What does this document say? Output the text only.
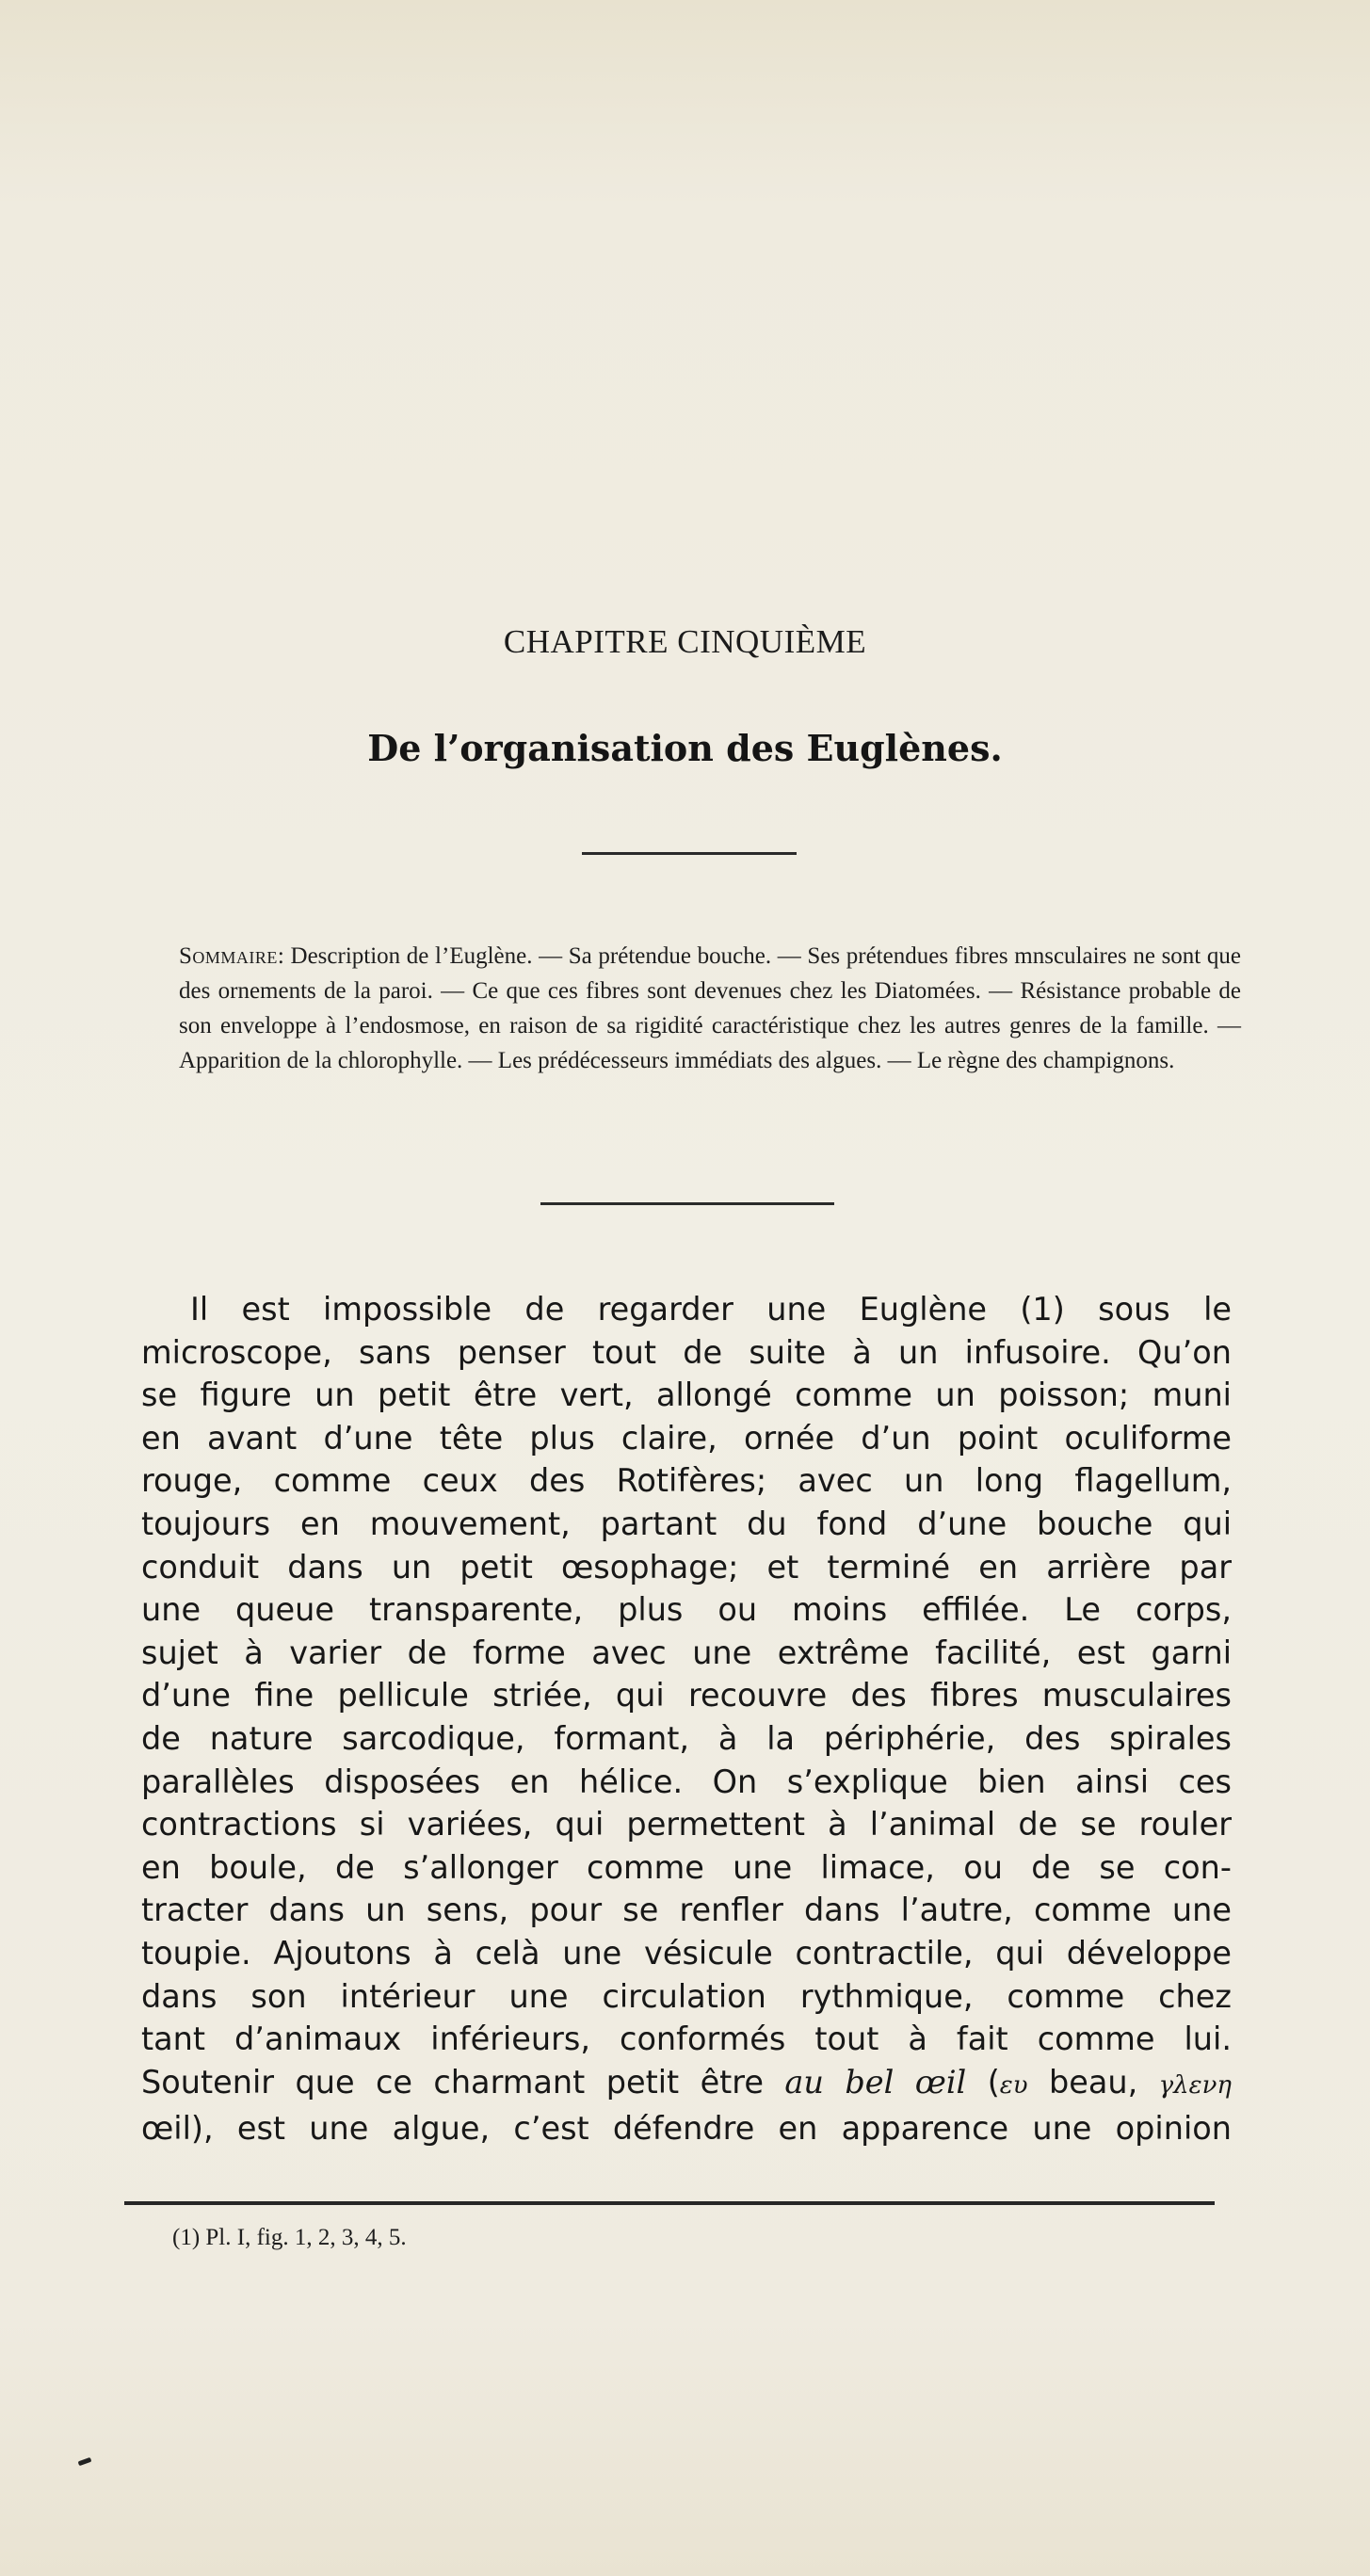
CHAPITRE CINQUIÈME
De l’organisation des Euglènes.
Sommaire: Description de l’Euglène. — Sa prétendue bouche. — Ses prétendues fibres mnsculaires ne sont que des ornements de la paroi. — Ce que ces fibres sont devenues chez les Diatomées. — Résistance probable de son enveloppe à l’endosmose, en raison de sa rigidité caractéristique chez les autres genres de la famille. — Apparition de la chlorophylle. — Les prédécesseurs immédiats des algues. — Le règne des champignons.
Il est impossible de regarder une Euglène (1) sous le
microscope, sans penser tout de suite à un infusoire. Qu’on
se figure un petit être vert, allongé comme un poisson; muni
en avant d’une tête plus claire, ornée d’un point oculiforme
rouge, comme ceux des Rotifères; avec un long flagellum,
toujours en mouvement, partant du fond d’une bouche qui
conduit dans un petit œsophage; et terminé en arrière par
une queue transparente, plus ou moins effilée. Le corps,
sujet à varier de forme avec une extrême facilité, est garni
d’une fine pellicule striée, qui recouvre des fibres musculaires
de nature sarcodique, formant, à la périphérie, des spirales
parallèles disposées en hélice. On s’explique bien ainsi ces
contractions si variées, qui permettent à l’animal de se rouler
en boule, de s’allonger comme une limace, ou de se con-
tracter dans un sens, pour se renfler dans l’autre, comme une
toupie. Ajoutons à celà une vésicule contractile, qui développe
dans son intérieur une circulation rythmique, comme chez
tant d’animaux inférieurs, conformés tout à fait comme lui.
Soutenir que ce charmant petit être au bel œil (ευ beau, γλενη
œil), est une algue, c’est défendre en apparence une opinion
(1) Pl. I, fig. 1, 2, 3, 4, 5.
